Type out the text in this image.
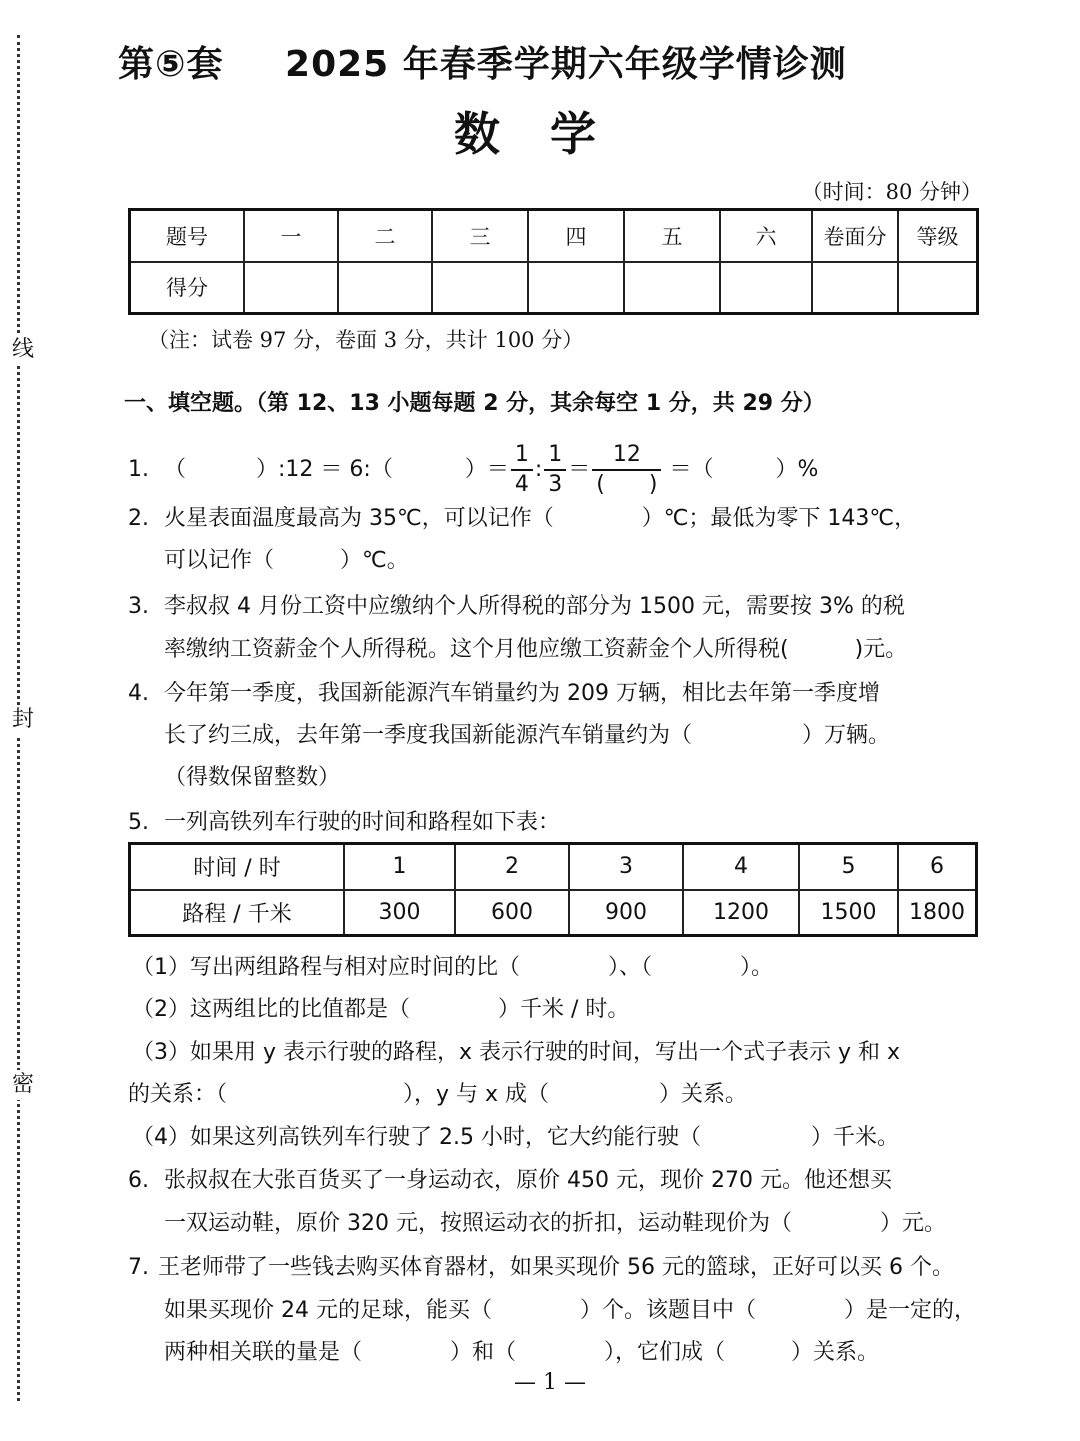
线
封
密
第⑤套 2025 年春季学期六年级学情诊测
数学
（时间：80 分钟）
题号	一	二	三	四	五	六	卷面分	等级
得分								
（注：试卷 97 分，卷面 3 分，共计 100 分）
一、填空题。（第 12、13 小题每题 2 分，其余每空 1 分，共 29 分）
1. （	）:12 ＝ 6:（	）＝ $\frac{1}{4}$ : $\frac{1}{3} = \frac{12}{( )}$ ＝（	）%
2. 火星表面温度最高为 35℃，可以记作（　　　　）℃；最低为零下 143℃，
可以记作（　　　）℃。
3. 李叔叔 4 月份工资中应缴纳个人所得税的部分为 1500 元，需要按 3% 的税
率缴纳工资薪金个人所得税。这个月他应缴工资薪金个人所得税(　　　)元。
4. 今年第一季度，我国新能源汽车销量约为 209 万辆，相比去年第一季度增
长了约三成，去年第一季度我国新能源汽车销量约为（　　　　　）万辆。
（得数保留整数）
5. 一列高铁列车行驶的时间和路程如下表：
时间 / 时	1	2	3	4	5	6
路程 / 千米	300	600	900	1200	1500	1800
（1）写出两组路程与相对应时间的比（　　　　）、（　　　　）。
（2）这两组比的比值都是（　　　　）千米 / 时。
（3）如果用 y 表示行驶的路程，x 表示行驶的时间，写出一个式子表示 y 和 x
的关系：（　　　　　　　　），y 与 x 成（　　　　　）关系。
（4）如果这列高铁列车行驶了 2.5 小时，它大约能行驶（　　　　　）千米。
6. 张叔叔在大张百货买了一身运动衣，原价 450 元，现价 270 元。他还想买
一双运动鞋，原价 320 元，按照运动衣的折扣，运动鞋现价为（　　　　）元。
7. 王老师带了一些钱去购买体育器材，如果买现价 56 元的篮球，正好可以买 6 个。
如果买现价 24 元的足球，能买（　　　　）个。该题目中（　　　　）是一定的，
两种相关联的量是（　　　　）和（　　　　），它们成（　　　）关系。
— 1 —
